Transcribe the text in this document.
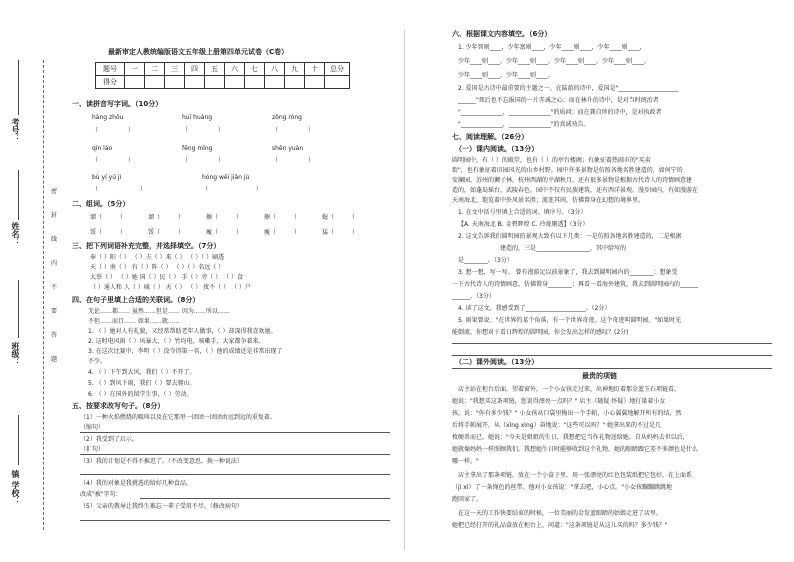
考号：
姓名：
班级：
镇 学校：
密
封
线
内
不
要
答
题
最新审定人教统编版语文五年级上册第四单元试卷（C卷）
题号	一	二	三	四	五	六	七	八	九	十	总分
得分											
一、读拼音写字词。（10分）
hàng zhōu	huī huáng	zōng róng
（　　　　　）	（　　　　　）	（　　　　　）
qín láo	fēng mǐng	shēn yuàn
（　　　　　）	（　　　　　）	（　　　　　）
bù yí yú jì	hóng wěi jiān jù
（　　　　　　　）	（　　　　　　　　）
二、组词。（5分）
溜（　　　	）	溜（　　　	）	擦（　　　	）	擦（　　　	）	媳（　　　	）
馁（　　　	）	馁（　　　	）	瘦（　　　	）	瘦（　　　	）	猛（　　　	）
三、把下列词语补充完整，并选择填空。（7分）
奉（ ）阳（ ） （ ）夫（ ）来（ ） （ ）（ ）刷透
天（ ）南（ ） 有（ ）阵（ ） （ ）（ ）名远（ ）
大举（ ） （ ）她 国（ ）民（ ） 手（ ）旁（ ） （ ）食
（ ）通人和 人（ ）城（ ） 天（ ） （ ） 夜不（ ） （ ）户
四、在句子里填上合适的关联词。（8分）
无论……都…… 虽然……但是…… 因为……所以……
不但……而且…… 如果……就……
1. （ ）她对人有礼貌，又经常帮助老年人做事，（ ）却深得我喜欢她。
2. 这时电风雨（ ）风暴大，（ ）竹均电，咳嗽手，大家都争着来。
3. 在这次比赛中，李明（ ）没夺得第一名，（ ）他的成绩还是非常出现了
不少。
4. （ ）下午到大风，我们（ ）不开了。
5. （ ）到风下雨，我们（ ）要去爬山。
6. （ ）在国外的留学生事，（ ）劳动。
五、按要求改写句子。（8分）
（1）一种火焰燃烧的吸叫以及在它那里一团团一团团由远到远的重复着。
（缩句）
（2）我受到了启示。
（扩句）
（3）我的计划是不得不推迟了。（不改变意思，换一种说法）
（4）我的对象是我挑选的给好几种食品。
改成"被"字句：
（5）父亲的教导让我终生难忘一辈子受用不尽。（修改病句）
六、根据课文内容填空。（6分）
1. 少年智则____，少年富则____，少年____则____，少年____则____，
少年____则____，少年____则____，少年____则____，少年____则____，
少年____则____，少年____则____。
2. 爱国是古诗中最重要的主题之一。在陆游的诗中，爱国是"____________________
______"死后也不忘报国的一片赤诚之心；而在林升的诗中，是对当时统治者
"______________，______________"的质问；而在龚自珍的诗中，是对执政者
"______________，______________"的真诚劝告。
七、阅读理解。（26分）
（一）课内阅读。（13分）
圆明园中，有（ ）的殿堂，也有（ ）的亭台楼阁；有象征着热闹市的"买卖
街"，也有象征着田园风光的山乡村野。园中许多景物是仿照各地名胜建造的，如何宁的
安澜园，苏州的狮子林，杭州西湖的平湖秋月，还有很多景物是根据古代诗人的诗情画意建
造的，如蓬岛瑶台，武陵春色。园中不仅有民族建筑，还有西洋景观。漫步园内，有如漫游在
天南海北，饱览着中外风景名胜；流连其间，仿佛置身在幻想的境界里。
1. 在文中括号里填上合适的词。填序号。（3分）
【A. 天南海北 B. 金碧辉煌 C. 玲珑剔透】（3分）
2. 这文告诉我们圆明园的景观大致有以下几类：一是仿照各地名胜建造的，二是根据
建造的，三是__________________，其中给写的
是________。（3分）
3. 想一想，写一写。 曾有漫游足以前景象了，我去到圆明园内的________；想象受
一下古代诗人的诗情画意，仿佛置身________；再看一看海外建筑，我去到圆明园内的______
______。（3分）
4. 读了这文，我感受到了____________________。（2分）
5. 雨果曾说："在世界的某个角落，有一个世界奇迹。这个奇迹叫圆明园。"如果时光
能倒流，你想对于看日辉煌的圆明园，你会发出怎样的感叹？(2分)
（二）课外阅读。（13分）
最贵的项链
店主站在柜台后面，望着窗外。一个小女孩走过来，出神地盯着那金蓝玉石项链看。
她说："我想买这条项链，您说得漂亮一点吗？" 店主（随疑 怀疑）地打量着小女
孩，说："你有多少钱？" 小女孩从口袋里掏出一个手帕，小心翼翼地解开所有的结，然
后将手帕展开，从（xīng xìng）奋地说："这些可以吗？" 她拿出来的不过是几
枚硬币而已。她说："今天是姐姐的生日，我想把它当作礼物送给她。自从妈妈去世以后，
她就像妈妈一样照顾我们。我想她生日时能够收到这个礼物，她的眼睛跟它差不多颜色是什么
哪一样。"
店主拿出了那条项链，放在一个小盒子里，用一张漂亮的红色包装纸把它包好，在上面系
（jì xì）了一条绳色的丝带。他对小女孩说："拿去吧，小心点。"小女孩蹦蹦跳跳地
跑回家了。
在这一天的工作快要结束的时候，一位美丽的金发蓝眼睛的姑娘走进了店里。
她把已经打开的礼品盒放在柜台上，问道："这条项链是从这儿买的吗？多少钱？"
